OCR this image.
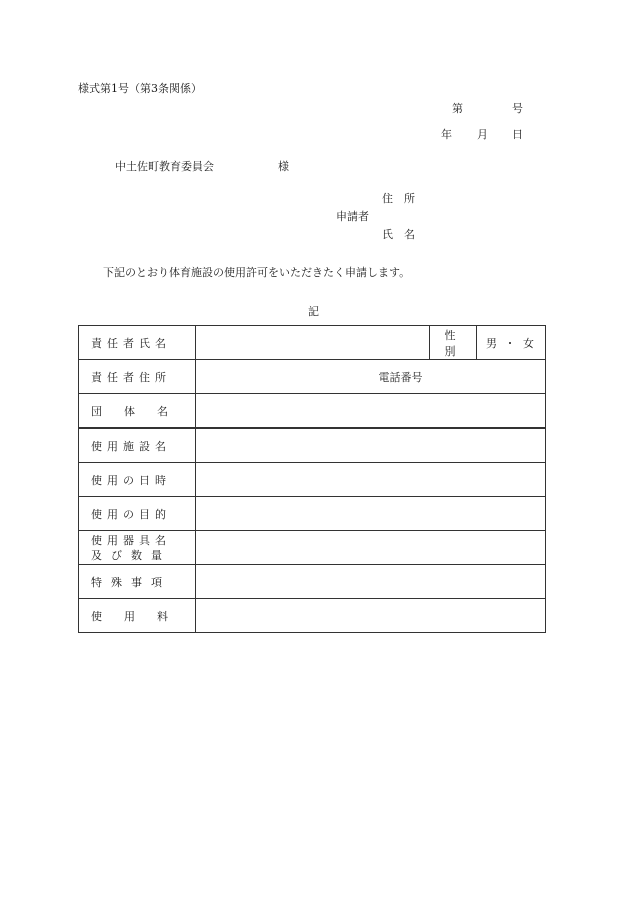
様式第1号（第3条関係）
第	号
年 月 日
中土佐町教育委員会	様
住　所
申請者
氏　名
下記のとおり体育施設の使用許可をいただきたく申請します。
記
責任者氏名		性　別	男 ・ 女
責任者住所	電話番号		
団　　体　　名			

使用施設名			

使用の日時			

使用の目的			

使用器具名
及び数量			

特殊事項			

使　　用　　料			
